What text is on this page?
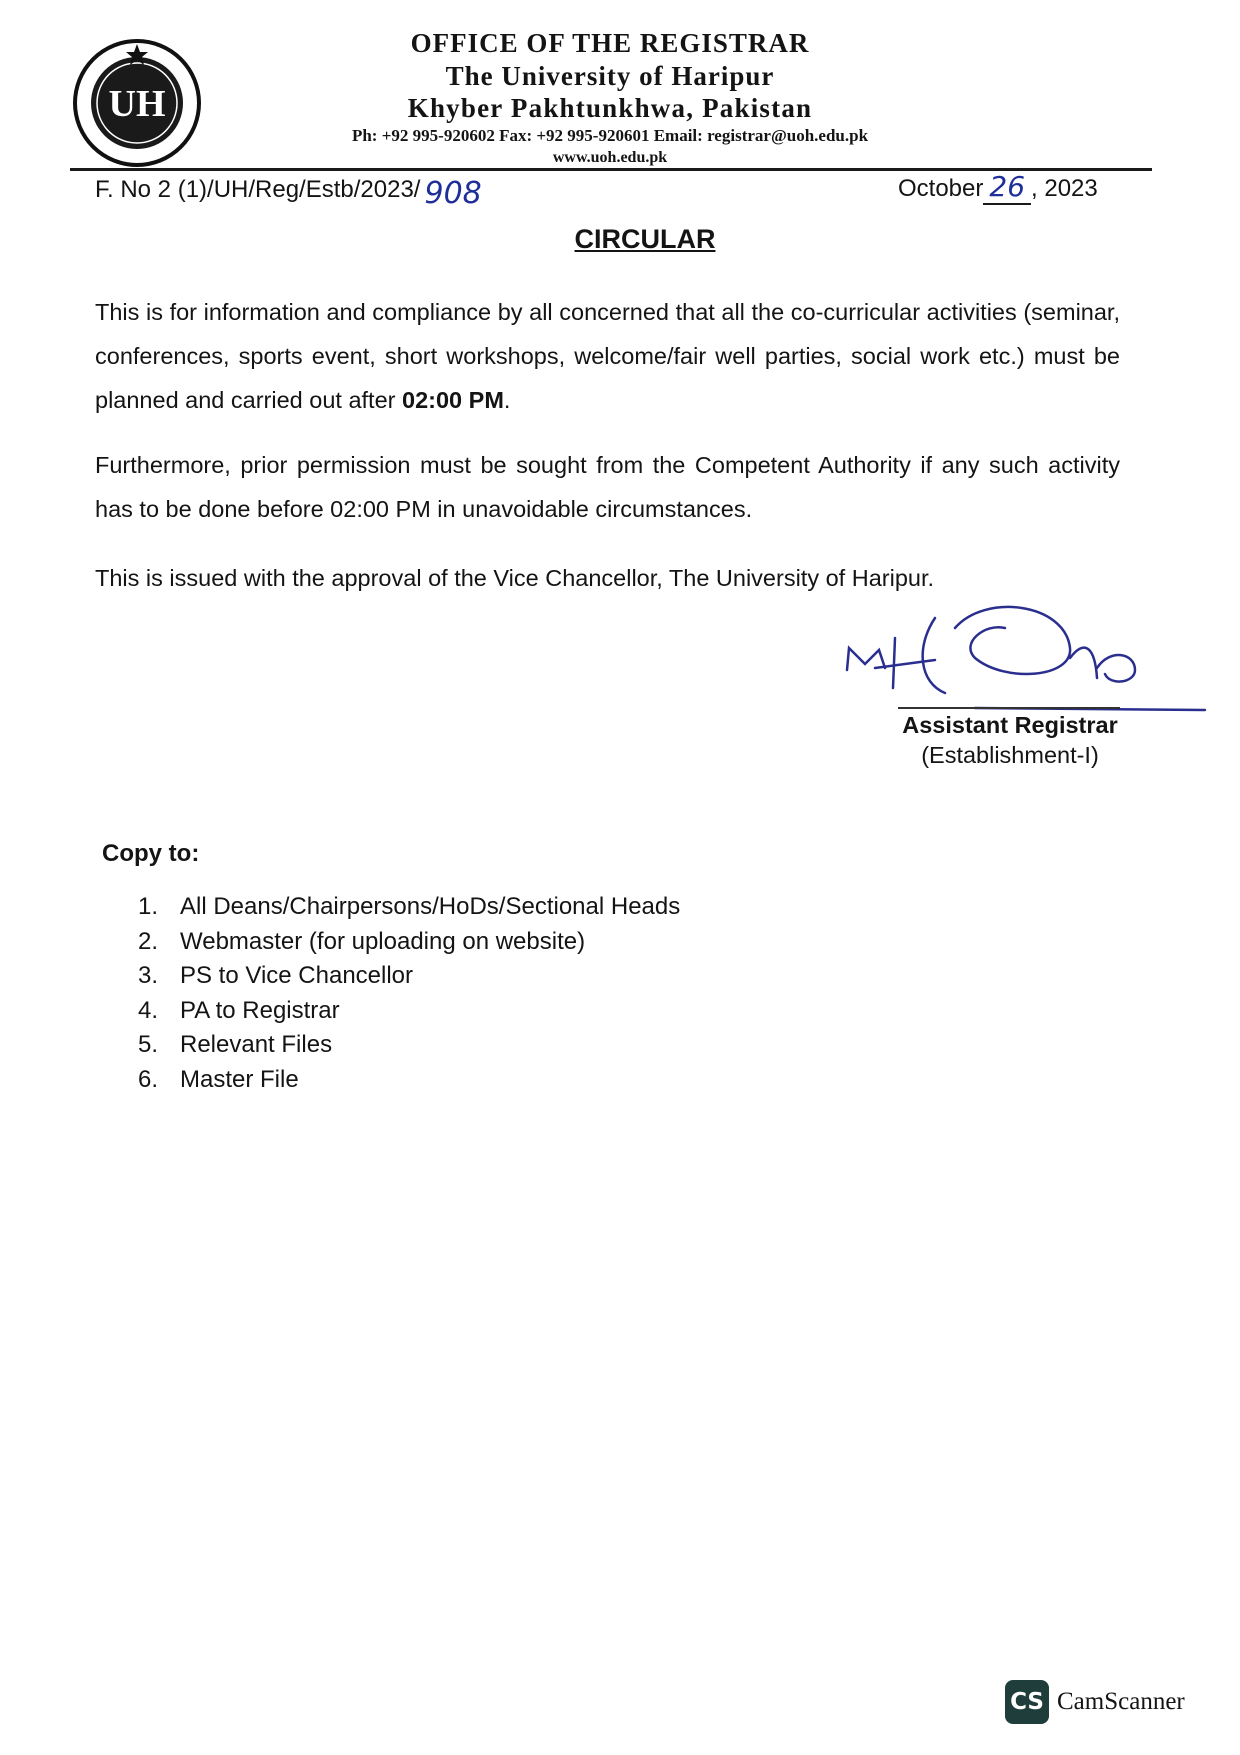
UH
OFFICE OF THE REGISTRAR
The University of Haripur
Khyber Pakhtunkhwa, Pakistan
Ph: +92 995-920602 Fax: +92 995-920601 Email: registrar@uoh.edu.pk
www.uoh.edu.pk
F. No 2 (1)/UH/Reg/Estb/2023/ 908	October 26 , 2023
CIRCULAR
This is for information and compliance by all concerned that all the co-curricular activities (seminar, conferences, sports event, short workshops, welcome/fair well parties, social work etc.) must be planned and carried out after 02:00 PM.
Furthermore, prior permission must be sought from the Competent Authority if any such activity has to be done before 02:00 PM in unavoidable circumstances.
This is issued with the approval of the Vice Chancellor, The University of Haripur.
Assistant Registrar
(Establishment-I)
Copy to:
1. All Deans/Chairpersons/HoDs/Sectional Heads
2. Webmaster (for uploading on website)
3. PS to Vice Chancellor
4. PA to Registrar
5. Relevant Files
6. Master File
CS CamScanner
